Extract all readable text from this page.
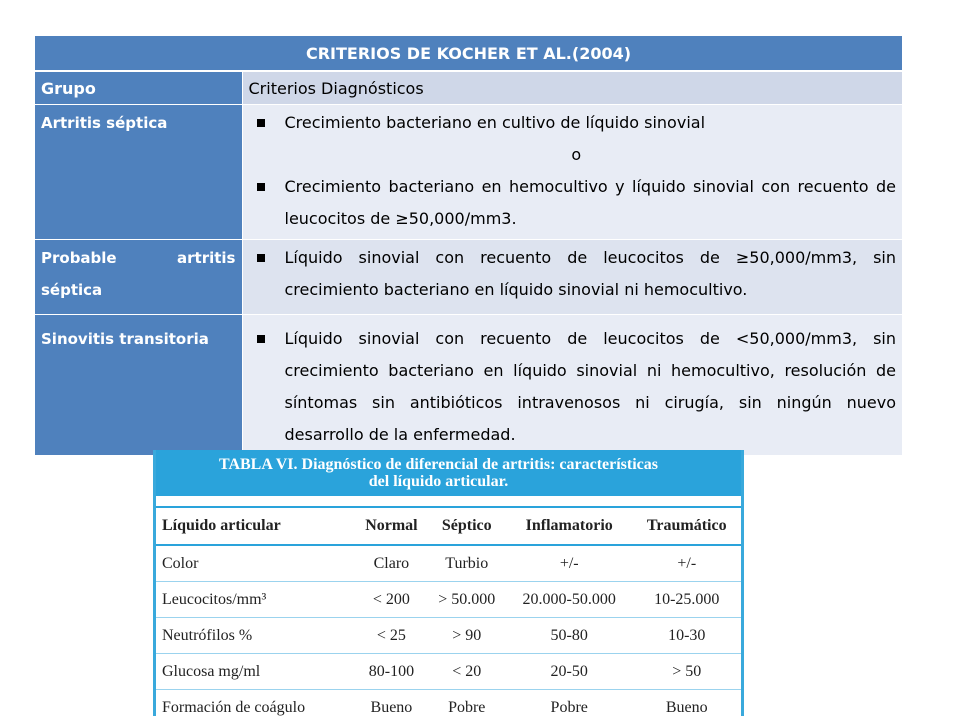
CRITERIOS DE KOCHER ET AL.(2004)	
Grupo	Criterios Diagnósticos
Artritis séptica	Crecimiento bacteriano en cultivo de líquido sinovial
o
Crecimiento bacteriano en hemocultivo y líquido sinovial con recuento de leucocitos de ≥50,000/mm3.

Probable artritis
séptica	Líquido sinovial con recuento de leucocitos de ≥50,000/mm3, sin crecimiento bacteriano en líquido sinovial ni hemocultivo.

Sinovitis transitoria	Líquido sinovial con recuento de leucocitos de <50,000/mm3, sin crecimiento bacteriano en líquido sinovial ni hemocultivo, resolución de síntomas sin antibióticos intravenosos ni cirugía, sin ningún nuevo desarrollo de la enfermedad.
TABLA VI. Diagnóstico de diferencial de artritis: características
del líquido articular.
Líquido articular	Normal	Séptico	Inflamatorio	Traumático
Color	Claro	Turbio	+/-	+/-
Leucocitos/mm³	< 200	> 50.000	20.000-50.000	10-25.000
Neutrófilos %	< 25	> 90	50-80	10-30
Glucosa mg/ml	80-100	< 20	20-50	> 50
Formación de coágulo	Bueno	Pobre	Pobre	Bueno
